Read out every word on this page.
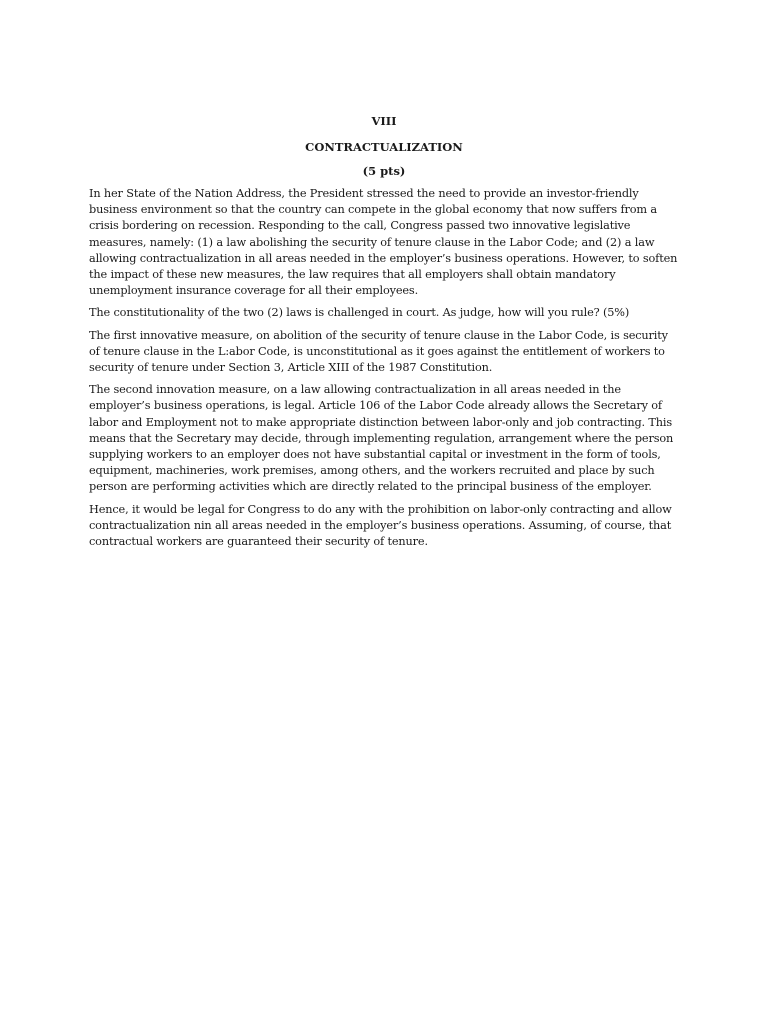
VIII

CONTRACTUALIZATION

(5 pts)

In her State of the Nation Address, the President stressed the need to provide an investor-friendly business environment so that the country can compete in the global economy that now suffers from a crisis bordering on recession. Responding to the call, Congress passed two innovative legislative measures, namely: (1) a law abolishing the security of tenure clause in the Labor Code; and (2) a law allowing contractualization in all areas needed in the employer’s business operations. However, to soften the impact of these new measures, the law requires that all employers shall obtain mandatory unemployment insurance coverage for all their employees.

The constitutionality of the two (2) laws is challenged in court. As judge, how will you rule? (5%)

The first innovative measure, on abolition of the security of tenure clause in the Labor Code, is security of tenure clause in the L:abor Code, is unconstitutional as it goes against the entitlement of workers to security of tenure under Section 3, Article XIII of the 1987 Constitution.

The second innovation measure, on a law allowing contractualization in all areas needed in the employer’s business operations, is legal. Article 106 of the Labor Code already allows the Secretary of labor and Employment not to make appropriate distinction between labor-only and job contracting. This means that the Secretary may decide, through implementing regulation, arrangement where the person supplying workers to an employer does not have substantial capital or investment in the form of tools, equipment, machineries, work premises, among others, and the workers recruited and place by such person are performing activities which are directly related to the principal business of the employer.

Hence, it would be legal for Congress to do any with the prohibition on labor-only contracting and allow contractualization nin all areas needed in the employer’s business operations. Assuming, of course, that contractual workers are guaranteed their security of tenure.
